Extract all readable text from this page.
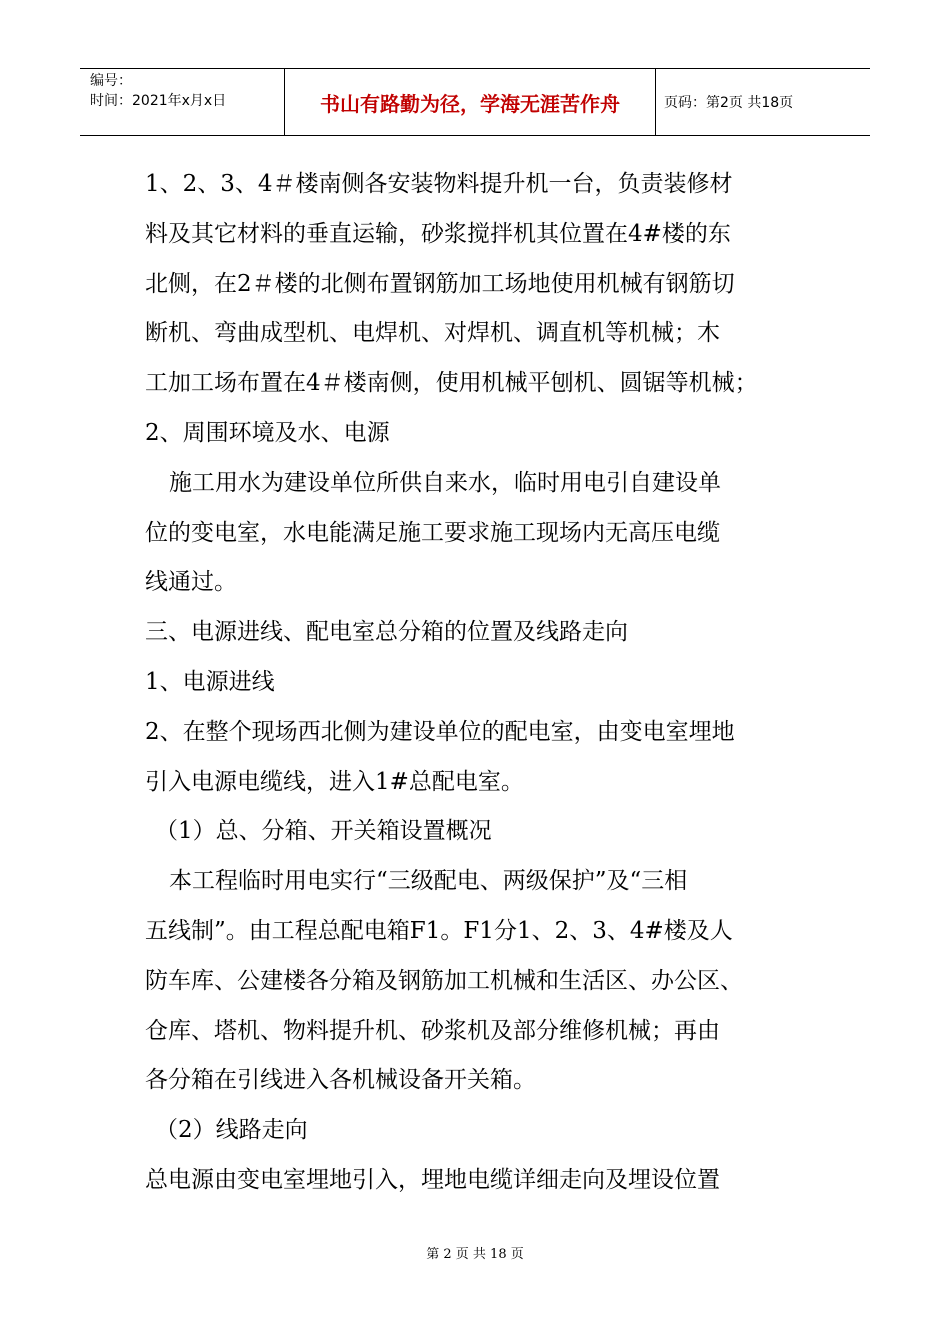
编号：
时间：2021年x月x日	书山有路勤为径，学海无涯苦作舟	页码：第2页 共18页

1、2、3、4＃楼南侧各安装物料提升机一台，负责装修材

料及其它材料的垂直运输，砂浆搅拌机其位置在4#楼的东

北侧，在2＃楼的北侧布置钢筋加工场地使用机械有钢筋切

断机、弯曲成型机、电焊机、对焊机、调直机等机械；木

工加工场布置在4＃楼南侧，使用机械平刨机、圆锯等机械；

2、周围环境及水、电源

施工用水为建设单位所供自来水，临时用电引自建设单

位的变电室，水电能满足施工要求施工现场内无高压电缆

线通过。

三、电源进线、配电室总分箱的位置及线路走向

1、电源进线

2、在整个现场西北侧为建设单位的配电室，由变电室埋地

引入电源电缆线，进入1#总配电室。

（1）总、分箱、开关箱设置概况

本工程临时用电实行“三级配电、两级保护”及“三相

五线制”。由工程总配电箱F1。F1分1、2、3、4#楼及人

防车库、公建楼各分箱及钢筋加工机械和生活区、办公区、

仓库、塔机、物料提升机、砂浆机及部分维修机械；再由

各分箱在引线进入各机械设备开关箱。

（2）线路走向

总电源由变电室埋地引入，埋地电缆详细走向及埋设位置

第 2 页 共 18 页
